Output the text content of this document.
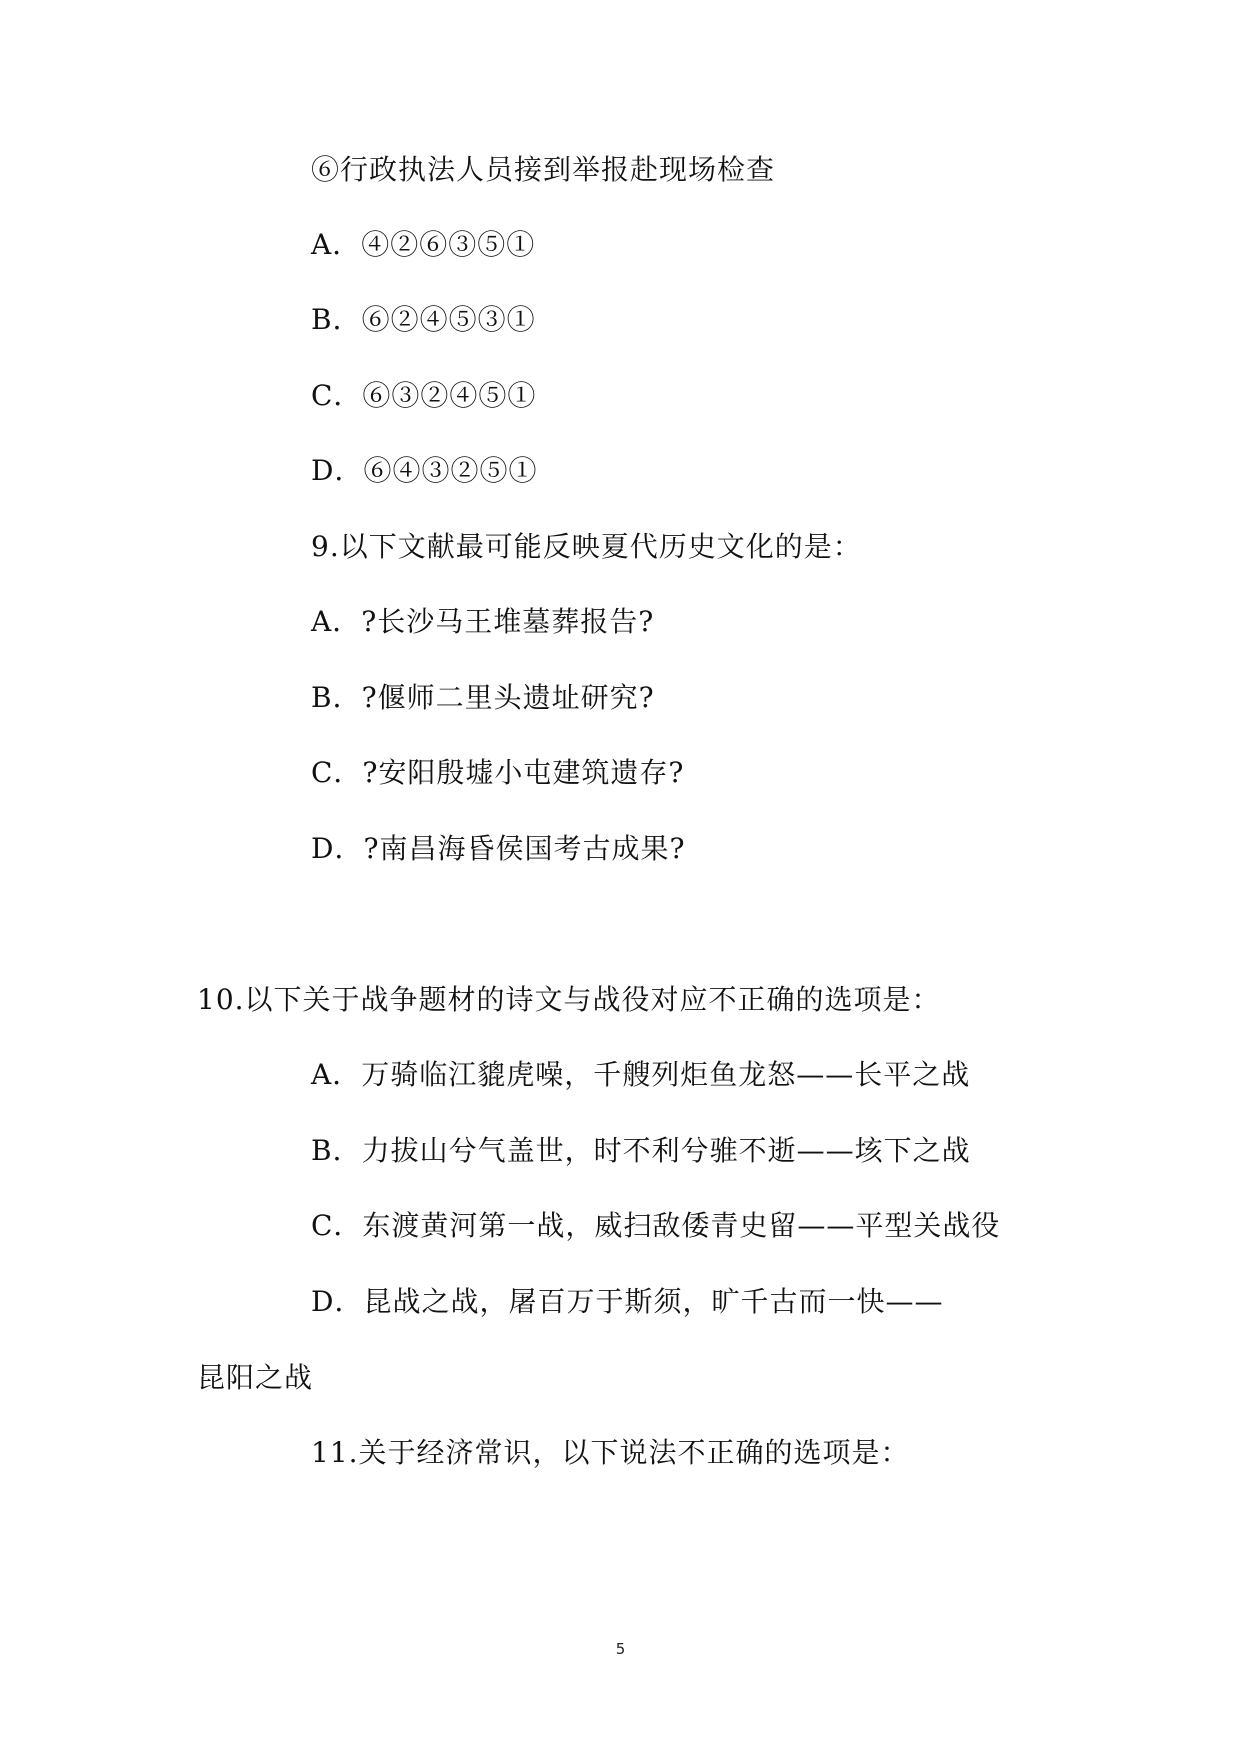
⑥行政执法人员接到举报赴现场检查
A．④②⑥③⑤①
B．⑥②④⑤③①
C．⑥③②④⑤①
D．⑥④③②⑤①
9.以下文献最可能反映夏代历史文化的是：
A．?长沙马王堆墓葬报告?
B．?偃师二里头遗址研究?
C．?安阳殷墟小屯建筑遗存?
D．?南昌海昏侯国考古成果?
10.以下关于战争题材的诗文与战役对应不正确的选项是：
A．万骑临江貔虎噪，千艘列炬鱼龙怒——长平之战
B．力拔山兮气盖世，时不利兮骓不逝——垓下之战
C．东渡黄河第一战，威扫敌倭青史留——平型关战役
D．昆战之战，屠百万于斯须，旷千古而一快——
昆阳之战
11.关于经济常识，以下说法不正确的选项是：
5
